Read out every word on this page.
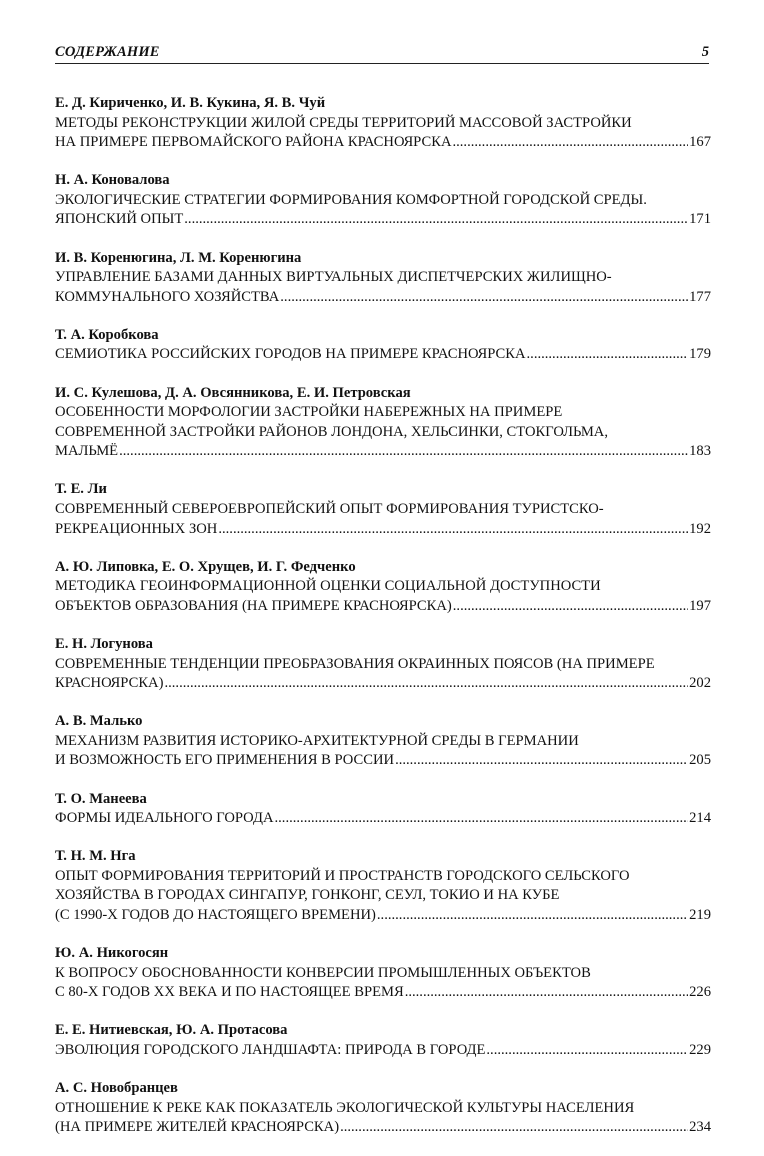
СОДЕРЖАНИЕ	5
Е. Д. Кириченко, И. В. Кукина, Я. В. Чуй
МЕТОДЫ РЕКОНСТРУКЦИИ ЖИЛОЙ СРЕДЫ ТЕРРИТОРИЙ МАССОВОЙ ЗАСТРОЙКИ
НА ПРИМЕРЕ ПЕРВОМАЙСКОГО РАЙОНА КРАСНОЯРСКА .....	167
Н. А. Коновалова
ЭКОЛОГИЧЕСКИЕ СТРАТЕГИИ ФОРМИРОВАНИЯ КОМФОРТНОЙ ГОРОДСКОЙ СРЕДЫ.
ЯПОНСКИЙ ОПЫТ .....	171
И. В. Коренюгина, Л. М. Коренюгина
УПРАВЛЕНИЕ БАЗАМИ ДАННЫХ ВИРТУАЛЬНЫХ ДИСПЕТЧЕРСКИХ ЖИЛИЩНО-
КОММУНАЛЬНОГО ХОЗЯЙСТВА .....	177
Т. А. Коробкова
СЕМИОТИКА РОССИЙСКИХ ГОРОДОВ НА ПРИМЕРЕ КРАСНОЯРСКА .....	179
И. С. Кулешова, Д. А. Овсянникова, Е. И. Петровская
ОСОБЕННОСТИ МОРФОЛОГИИ ЗАСТРОЙКИ НАБЕРЕЖНЫХ НА ПРИМЕРЕ
СОВРЕМЕННОЙ ЗАСТРОЙКИ РАЙОНОВ ЛОНДОНА, ХЕЛЬСИНКИ, СТОКГОЛЬМА,
МАЛЬМЁ .....	183
Т. Е. Ли
СОВРЕМЕННЫЙ СЕВЕРОЕВРОПЕЙСКИЙ ОПЫТ ФОРМИРОВАНИЯ ТУРИСТСКО-
РЕКРЕАЦИОННЫХ ЗОН .....	192
А. Ю. Липовка, Е. О. Хрущев, И. Г. Федченко
МЕТОДИКА ГЕОИНФОРМАЦИОННОЙ ОЦЕНКИ СОЦИАЛЬНОЙ ДОСТУПНОСТИ
ОБЪЕКТОВ ОБРАЗОВАНИЯ (НА ПРИМЕРЕ КРАСНОЯРСКА) .....	197
Е. Н. Логунова
СОВРЕМЕННЫЕ ТЕНДЕНЦИИ ПРЕОБРАЗОВАНИЯ ОКРАИННЫХ ПОЯСОВ (НА ПРИМЕРЕ
КРАСНОЯРСКА) .....	202
А. В. Малько
МЕХАНИЗМ РАЗВИТИЯ ИСТОРИКО-АРХИТЕКТУРНОЙ СРЕДЫ В ГЕРМАНИИ
И ВОЗМОЖНОСТЬ ЕГО ПРИМЕНЕНИЯ В РОССИИ .....	205
Т. О. Манеева
ФОРМЫ ИДЕАЛЬНОГО ГОРОДА .....	214
Т. Н. М. Нга
ОПЫТ ФОРМИРОВАНИЯ ТЕРРИТОРИЙ И ПРОСТРАНСТВ ГОРОДСКОГО СЕЛЬСКОГО
ХОЗЯЙСТВА В ГОРОДАХ СИНГАПУР, ГОНКОНГ, СЕУЛ, ТОКИО И НА КУБЕ
(С 1990-Х ГОДОВ ДО НАСТОЯЩЕГО ВРЕМЕНИ) .....	219
Ю. А. Никогосян
К ВОПРОСУ ОБОСНОВАННОСТИ КОНВЕРСИИ ПРОМЫШЛЕННЫХ ОБЪЕКТОВ
С 80-Х ГОДОВ XX ВЕКА И ПО НАСТОЯЩЕЕ ВРЕМЯ .....	226
Е. Е. Нитиевская, Ю. А. Протасова
ЭВОЛЮЦИЯ ГОРОДСКОГО ЛАНДШАФТА: ПРИРОДА В ГОРОДЕ .....	229
А. С. Новобранцев
ОТНОШЕНИЕ К РЕКЕ КАК ПОКАЗАТЕЛЬ ЭКОЛОГИЧЕСКОЙ КУЛЬТУРЫ НАСЕЛЕНИЯ
(НА ПРИМЕРЕ ЖИТЕЛЕЙ КРАСНОЯРСКА) .....	234
